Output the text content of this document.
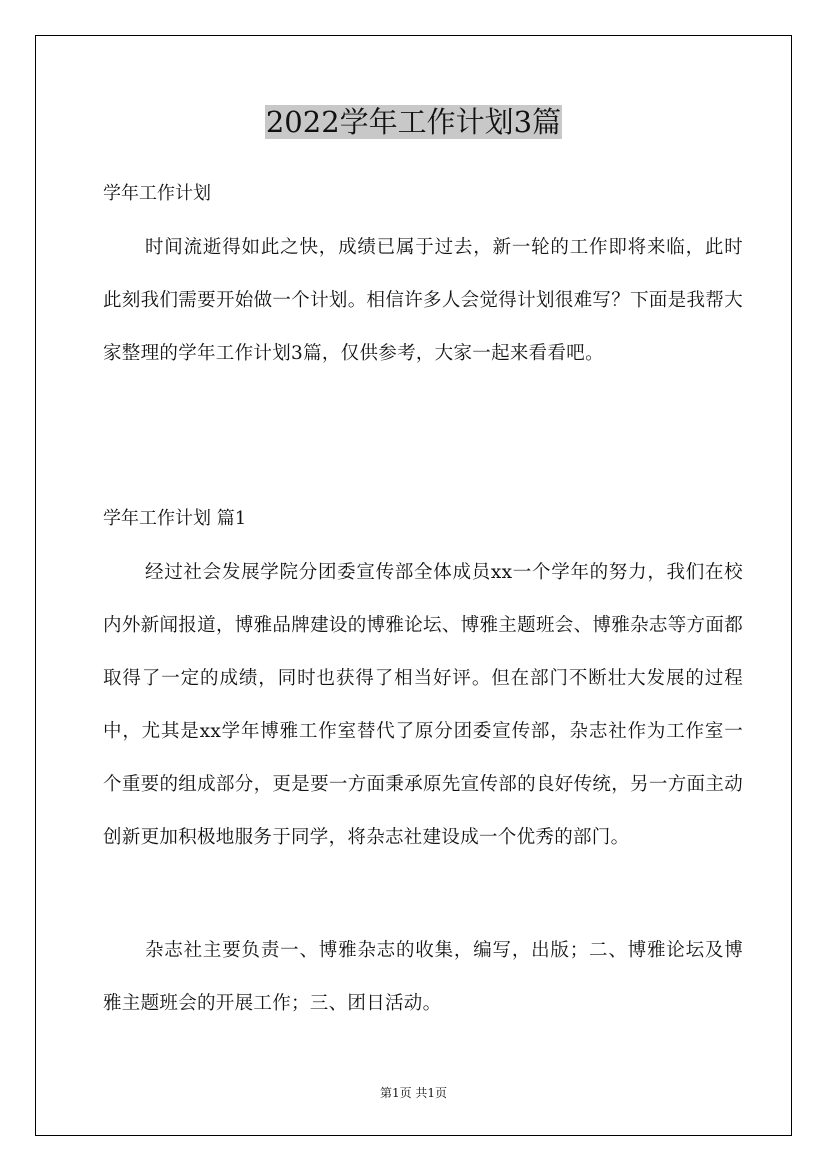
2022学年工作计划3篇
学年工作计划
时间流逝得如此之快，成绩已属于过去，新一轮的工作即将来临，此时此刻我们需要开始做一个计划。相信许多人会觉得计划很难写？下面是我帮大家整理的学年工作计划3篇，仅供参考，大家一起来看看吧。
学年工作计划 篇1
经过社会发展学院分团委宣传部全体成员xx一个学年的努力，我们在校内外新闻报道，博雅品牌建设的博雅论坛、博雅主题班会、博雅杂志等方面都取得了一定的成绩，同时也获得了相当好评。但在部门不断壮大发展的过程中，尤其是xx学年博雅工作室替代了原分团委宣传部，杂志社作为工作室一个重要的组成部分，更是要一方面秉承原先宣传部的良好传统，另一方面主动创新更加积极地服务于同学，将杂志社建设成一个优秀的部门。
杂志社主要负责一、博雅杂志的收集，编写，出版；二、博雅论坛及博雅主题班会的开展工作；三、团日活动。
第1页 共1页
